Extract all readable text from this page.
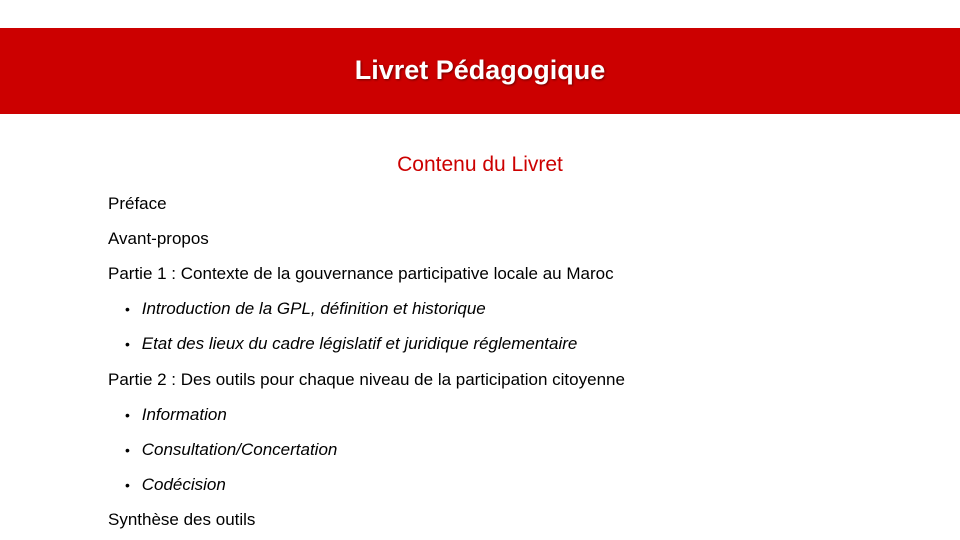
Livret Pédagogique
Contenu du Livret
Préface
Avant-propos
Partie 1 : Contexte de la gouvernance participative locale au Maroc
• Introduction de la GPL, définition et historique
• Etat des lieux du cadre législatif et juridique réglementaire
Partie 2 : Des outils pour chaque niveau de la participation citoyenne
• Information
• Consultation/Concertation
• Codécision
Synthèse des outils
